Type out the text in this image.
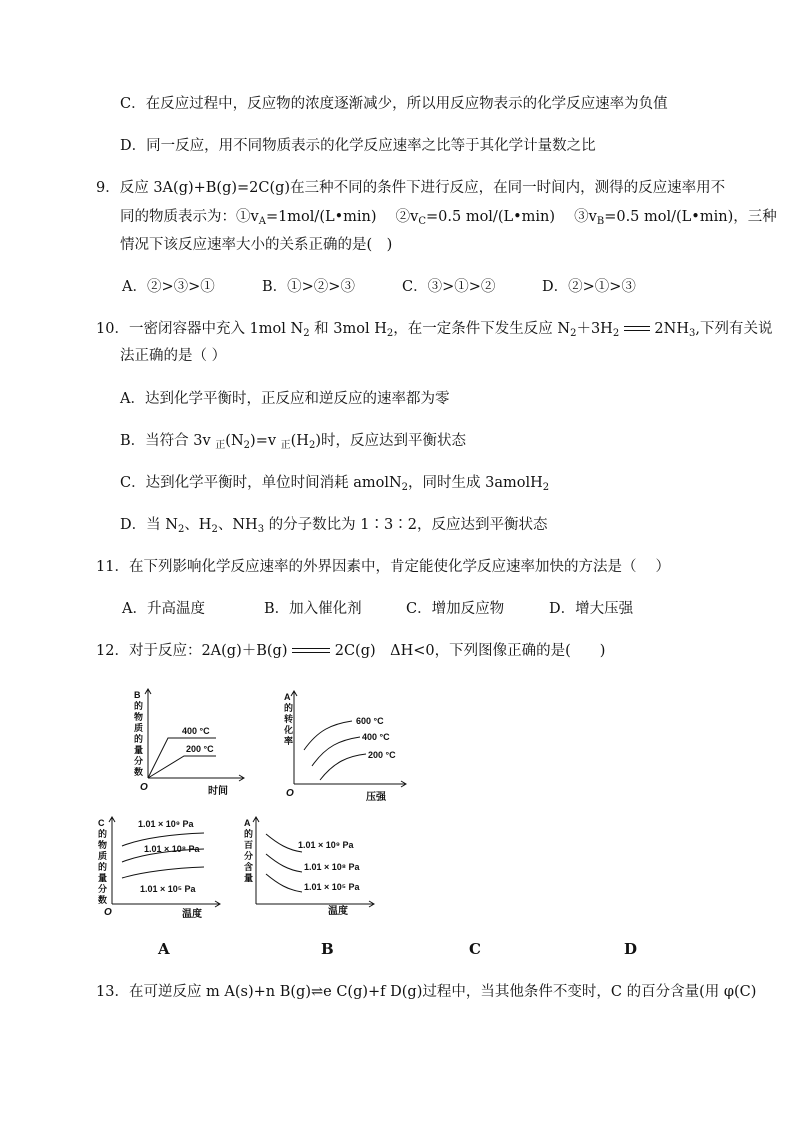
C．在反应过程中，反应物的浓度逐渐减少，所以用反应物表示的化学反应速率为负值
D．同一反应，用不同物质表示的化学反应速率之比等于其化学计量数之比
9．反应 3A(g)+B(g)=2C(g)在三种不同的条件下进行反应，在同一时间内，测得的反应速率用不
同的物质表示为：$①v_A=1mol/(L•\min)$　 $②v_C=0.5$ mol/(L•min)　 $③v_B=0.5$ mol/(L•min)，三种
情况下该反应速率大小的关系正确的是(　)
A．②>③>①	B．①>②>③	C．③>①>②	D．②>①>③
10．一密闭容器中充入 1mol $N_2$ 和 3mol $H_2$，在一定条件下发生反应 $N_2+3H_2$ $2NH_3$,下列有关说
法正确的是（ ）
A．达到化学平衡时，正反应和逆反应的速率都为零
B．当符合 3v $_正(N_2)=v$ $_正(H_2)$时，反应达到平衡状态
C．达到化学平衡时，单位时间消耗 amolN$_2$，同时生成 3amolH$_2$
D．当 $N_2$、$H_2$、$NH_3$ 的分子数比为 1∶3∶2，反应达到平衡状态
11．在下列影响化学反应速率的外界因素中，肯定能使化学反应速率加快的方法是（　 ）
A．升高温度	B．加入催化剂	C．增加反应物	D．增大压强
12．对于反应：2A(g)＋B(g)	2C(g)　ΔH<0，下列图像正确的是(　　)
B
的
物
质
的
量
分
数
400 °C
200 °C
O	时间
A
的
转
化
率
600 °C
400 °C
200 °C
O	压强
C
的
物
质
的
量
分
数
1.01 × 10⁹ Pa
1.01 × 10⁸ Pa
1.01 × 10⁵ Pa
O	温度
A
的
百
分
含
量
1.01 × 10⁹ Pa
1.01 × 10⁸ Pa
1.01 × 10⁵ Pa
温度
A	B	C	D
13．在可逆反应 m A(s)+n B(g)⇌e C(g)+f D(g)过程中，当其他条件不变时，C 的百分含量(用 φ(C)
